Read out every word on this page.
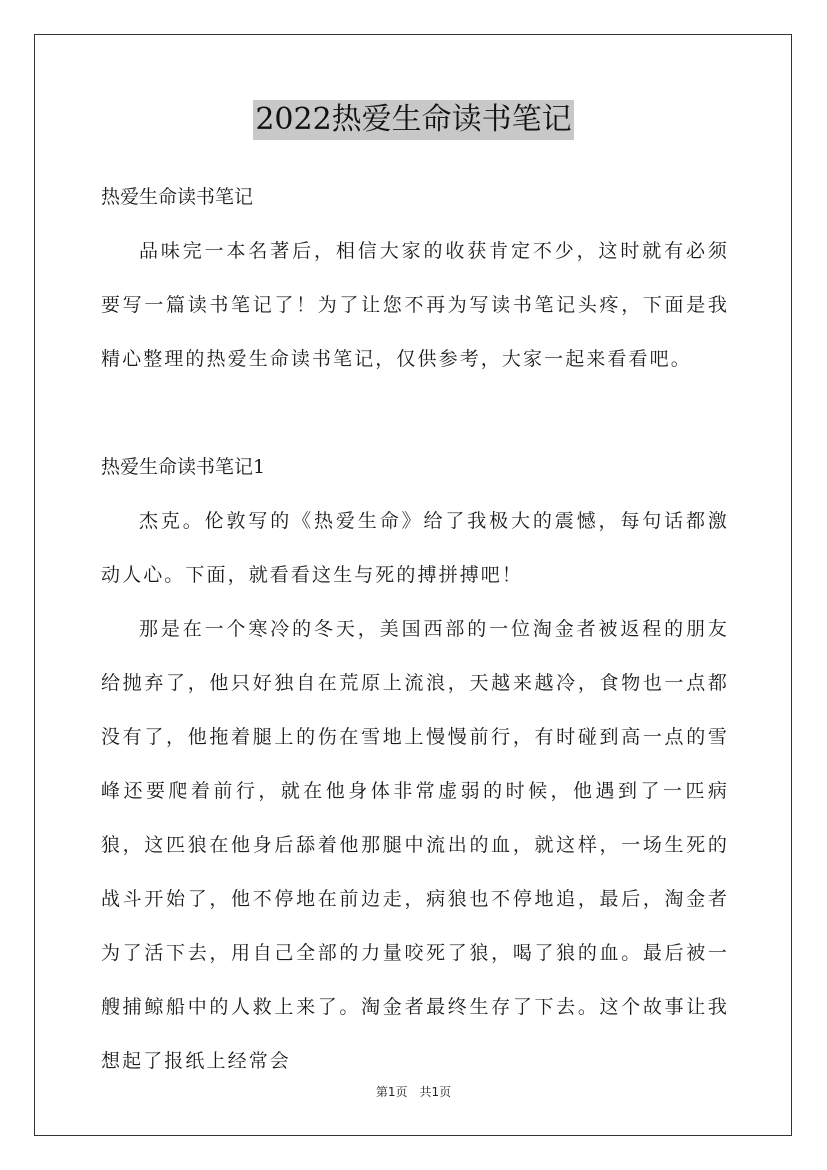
2022热爱生命读书笔记
热爱生命读书笔记

品味完一本名著后，相信大家的收获肯定不少，这时就有必须要写一篇读书笔记了！为了让您不再为写读书笔记头疼，下面是我精心整理的热爱生命读书笔记，仅供参考，大家一起来看看吧。

热爱生命读书笔记1

杰克。伦敦写的《热爱生命》给了我极大的震憾，每句话都激动人心。下面，就看看这生与死的搏拼搏吧！

那是在一个寒冷的冬天，美国西部的一位淘金者被返程的朋友给抛弃了，他只好独自在荒原上流浪，天越来越冷，食物也一点都没有了，他拖着腿上的伤在雪地上慢慢前行，有时碰到高一点的雪峰还要爬着前行，就在他身体非常虚弱的时候，他遇到了一匹病狼，这匹狼在他身后舔着他那腿中流出的血，就这样，一场生死的战斗开始了，他不停地在前边走，病狼也不停地追，最后，淘金者为了活下去，用自己全部的力量咬死了狼，喝了狼的血。最后被一艘捕鲸船中的人救上来了。淘金者最终生存了下去。这个故事让我想起了报纸上经常会

第1页　共1页
